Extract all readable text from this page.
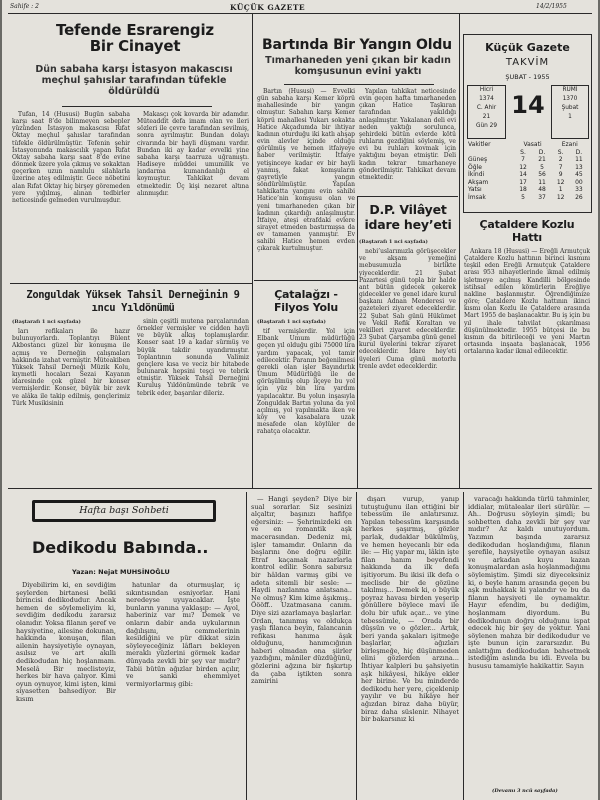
Sahife : 2	KÜÇÜK GAZETE	14/2/1955
Tefende Esrarengiz Bir Cinayet
Dün sabaha karşı İstasyon makascısı meçhul şahıslar tarafından tüfekle öldürüldü

Tufan, 14 (Hususi) Bugün sabaha karşı saat 8’de bilinmeyen sebepler yüzünden İstasyon makascısı Rıfat Oktay meçhul şahıslar tarafından tüfekle öldürülmüştür. Tefenin şehir İstasyonunda makascılık yapan Rıfat Oktay sabaha karşı saat 8’de evine dönmek üzere yola çıkmış ve sokaktan geçerken uzun namlulu silahlarla üzerine ateş edilmiştir. Gece nöbetini alan Rıfat Oktay hiç birşey göremeden yere yığılmış, alınan tedbirler neticesinde gelmeden vurulmuşdur.

Makasçı çok kovarda bir adamdır. Müteaddit defa imam olan ve ileri sözleri ile çevre tarafından sevilmiş, sonra ayrılmıştır. Bundan dolayı civarında bir hayli düşmanı vardır. Bundan iki ay kadar evvelki yine sabaha karşı taarruza uğramıştı. Hadiseye müddei umumilik ve jandarma kumandanlığı el koymuştur. Tahkikat devam etmektedir. Üç kişi nezaret altına alınmışdır.

Zonguldak Yüksek Tahsil Derneğinin 9 ıncu Yıldönümü
(Baştarafı 1 nci sayfada)

ları refikaları ile hazır bulunuyorlardı. Toplantıyı Bülent Akbostancı güzel bir konuşma ile açmış ve Derneğin çalışmaları hakkında izahat vermiştir. Müteakiben Yüksek Tahsil Derneği Müzik Kolu, kıymetli hocaları Sezai Kayanın idaresinde çok güzel bir konser vermişlerdir. Konser, büyük bir zevk ve alâka ile takip edilmiş, gençlerimiz Türk Musikisinin

sinin çeşitli mutena parçalarından örnekler vermişler ve cidden hayli ve büyük alkış toplamışlardır. Konser saat 19 a kadar sürmüş ve büyük takdir uyandırmıştır. Toplantının sonunda Valimiz gençlere kısa ve veciz bir hitabede bulunarak hepsini teşçi ve tebrik etmiştir. Yüksek Tahsil Derneğini Kuruluş Yıldönümünde tebrik ve tebrik eder, başarılar dileriz.

Bartında Bir Yangın Oldu
Tımarhaneden yeni çıkan bir kadın komşusunun evini yaktı

Bartın (Hususi) — Evvelki gün sabaha karşı Kemer köprü mahallesinde bir yangın olmuştur. Sabahın karşı Kemer köprü mahallesi Yukarı sokakta Hatice Akçadumda bir ihtiyar kadının oturduğu iki katlı ahşap evin alevler içinde olduğu görülmüş ve hemen itfaiyeye haber verilmiştir. İtfaiye yetişinceye kadar ev bir hayli yanmış, fakat komşuların gayretiyle yangın söndürülmüştür. Yapılan tahkikatta yangını evin sahibi Hatice’nin komşusu olan ve yeni tımarhaneden çıkan bir kadının çıkardığı anlaşılmıştır. İtfaiye, ateşi etrafdaki evlere sirayet etmeden bastırmışsa da ev tamamen yanmıştır. Ev sahibi Hatice hemen evden çıkarak kurtulmuştur.

Yapılan tahkikat neticesinde evin geçen hafta tımarhaneden çıkan Hatice Taşkıran tarafından yakıldığı anlaşılmıştır. Yakalanan deli evi neden yaktığı sorulunca, şehirdeki bütün evlerde kötü ruhların gezdiğini söylemiş, ve evi bu ruhları kovmak için yaktığını beyan etmiştir. Deli kadın tekrar tımarhaneye gönderilmiştir. Tahkikat devam etmektedir.

D.P. Vilâyet idare hey’eti
(Baştarafı 1 nci sayfada)

nebi’uslarımızla görüşecekler ve akşam yemeğini mebusumuzla birlikte yiyeceklerdir. 21 Şubat Pazartesi günü topla bir halde ant bütün gidecek çekerek gidecekler ve genel idare kurul başkanı Adnan Menderesi ve gazeteleri ziyaret edeceklerdir. 22 Şubat Salı günü Hükümet ve Vekil Refik Koraltan ve vekilleri ziyaret edeceklerdir. 23 Şubat Çarşamba günü genel kurul üyelerini tekrar ziyaret edeceklerdir. İdare hey’eti üyeleri Cuma günü motorlu trenle avdet edeceklerdir.

Çatalağzı - Filyos Yolu
(Baştarafı 1 nci sayfada)

tif vermişlerdir. Yol için Elbank Umum müdürlüğü geçen yıl olduğu gibi 75000 lira yardım yapacak, yol tamir edilecektir. Paranın beğenilmesi gerekli olan işler Bayındırlık Umum Müdürlüğü ile de görüşülmüş olup ilçeye bu yol için yüz bin lira yardım yapılacaktır. Bu yolun inşasıyla Zonguldak Bartın yoluna da yol açılmış, yol yapılmakta iken ve köy ve kasabalara uzak mesafede olan köylüler de rahatça olacaktır.

Küçük Gazete
TAKVİM
ŞUBAT - 1955
Hicri
1374
C. Ahir
21
Gün 29
14
RUMİ
1370
Şubat
1
Vakitler	Vasati		Ezani	
	S.	D.	S.	D.
Güneş	7	21	2	11
Öğle	12	5	7	13
İkindi	14	56	9	45
Akşam	17	11	12	00
Yatsı	18	48	1	33
İmsak	5	37	12	26
Çataldere Kozlu Hattı

Ankara 18 (Hususi) — Ereğli Armutçuk Çataldere Kozlu hattının birinci kısmını teşkil eden Ereğli Armutçuk Çataldere arası 953 nihayetlerinde ikmal edilmiş işletmeye açılmış Kandilli bölgesinde istihsal edilen kömürlerin Ereğliye nakline başlanmıştır. Öğrendiğimize göre; Çataldere Kozlu hattının ikinci kısmı olan Kozlu ile Çataldere arasında Mart 1955 de başlanacaktır. Bu iş için bu yıl ihale tahvilat çıkarılması düşünülmektedir. 1955 bütçesi ile bu kısmın da bitirileceği ve yeni Martın ortasında inşaata başlanacak, 1956 ortalarına kadar ikmal edilecektir.

Hafta başı Sohbeti
Dedikodu Babında..
Yazan: Nejat MUHSİNOĞLU

Diyebilirim ki, en sevdiğim şeylerden birtanesi belki birincisi dedikodudur. Ancak hemen de söylemeliyim ki, sevdiğim dedikodu zararsız olanıdır. Yoksa filanın şeref ve haysiyetine, ailesine dokunan, hakkında konuşan, filan ailenin haysiyetiyle oynayan, asılsız ve art akıllı dedikodudan hiç hoşlanmam. Meselâ Bir meclisteyiz, herkes bir hava çalıyor. Kimi oyun oynuyor, kimi işten, kimi siyasetten bahsediyor. Bir kısım

hatunlar da oturmuşlar, iç sıkıntısından esniyorlar. Hani neredeyse uyuyacaklar. İşte bunların yanına yaklaşıp: — Ayol, haberiniz var mı? Demek ve onların dabir anda uykularının dağılışını, cemmelerinin kesildiğini ve pür dikkat sizin söyleyeceğiniz lâfları bekleyen meraklı yüzlerini görmek kadar dünyada zevkli bir şey var mıdır? Tabii bütün ağızlar birden açılır, ve sanki ehemmiyet vermiyorlarmış gibi:

— Hangi şeyden? Diye bir sual sorarlar. Siz sesinizi alçaltır, başınızı hafifçe eğersiniz: — Şehrimizdeki en ve en romantik aşk macerasından. Dedeniz mi, işler tamamdır. Onların da başlarını öne doğru eğilir. Etraf kaçamak nazarlarla kontrol edilir. Sonra sabırsız bir hâldan varmış gibi ve adeta sitemli bir sesle: — Haydi nazlanma anlatsana.. Ne olmuş? Kim kime âşıkmış.. Öööff.. Uzatmasana canım. Diye sizi azarlamaya başlarlar. Ordan, tanınmış ve oldukça yaşlı filanca beyin, falancanın refikası hanıma âşık olduğunu, hanımcığının haberi olmadan ona şiirler yazdığını, mâniler düzdüğünü, gözlerini ağzına bir fışkırtıp da çaba iştikten sonra zamirini

dışarı vurup, yanıp tutuştuğunu ilan ettiğini bir tebessüm ile anlatırsınız. Yapılan tebessüm karşısında herkes şaşırmış, gözler parlak, dudaklar bükülmüş, ve hemen heyecanlı bir eda ile: — Hiç yapar mı, lâkin işte filan hanım beyefendi hakkında da ilk defa işitiyorum. Bu ikisi ilk defa o meclisde bir de gözüne takılmış... Demek ki, o büyük poyraz havası birden yeşerip gönüllere böylece mavi ile dolu bir ufuk açar... ve yine tebessümle, — Orada bir düşsün ve o gözler... Artık, beri yanda şakaları işitmeğe başlarlar, ağızları birleşmeğe, hiç düşünmeden elini gözlerden arzına... İhtiyar kalpleri bu şahsiyetin aşk hikâyesi, hikâye ekler her birine. Ve bu minderde dedikodu her yere, çiçeklenip yayılır ve bu hikâye her ağızdan biraz daha büyür, biraz daha süslenir. Nihayet bir bakarsınız ki

varacağı hakkında türlü tahminler, iddialar, mütalealar ileri sürülür. — Ah.. Doğrusu söyleyin şimdi; bu sohbetten daha zevkli bir şey var mıdır? Az kaldı unutuyordum. Yazımın başında zararsız dedikodudan hoşlandığımı, filanın şerefile, haysiyetile oynayan asılsız ve arkadan kuyu kazan konuşmalardan asla hoşlanmadığımı söylemiştim. Şimdi siz diyeceksiniz ki, o beyle hanım arasında geçen bu aşk muhakkak ki yalandır ve bu da filanın haysiyeti ile oynamaktır. Hayır efendim, bu dediğim, hoşlanmam diyordum. Bu dedikodunun doğru olduğunu ispat edecek hiç bir şey de yoktur. Yani söylenen mahza bir dedikodudur ve işte bunun için zararsızdır. Bu anlattığım dedikodudan bahsetmek istediğim aslında bu idi. Evvela bu hususu tamamiyle hakikattir. Sayın

(Devamı 3 ncü sayfada)
